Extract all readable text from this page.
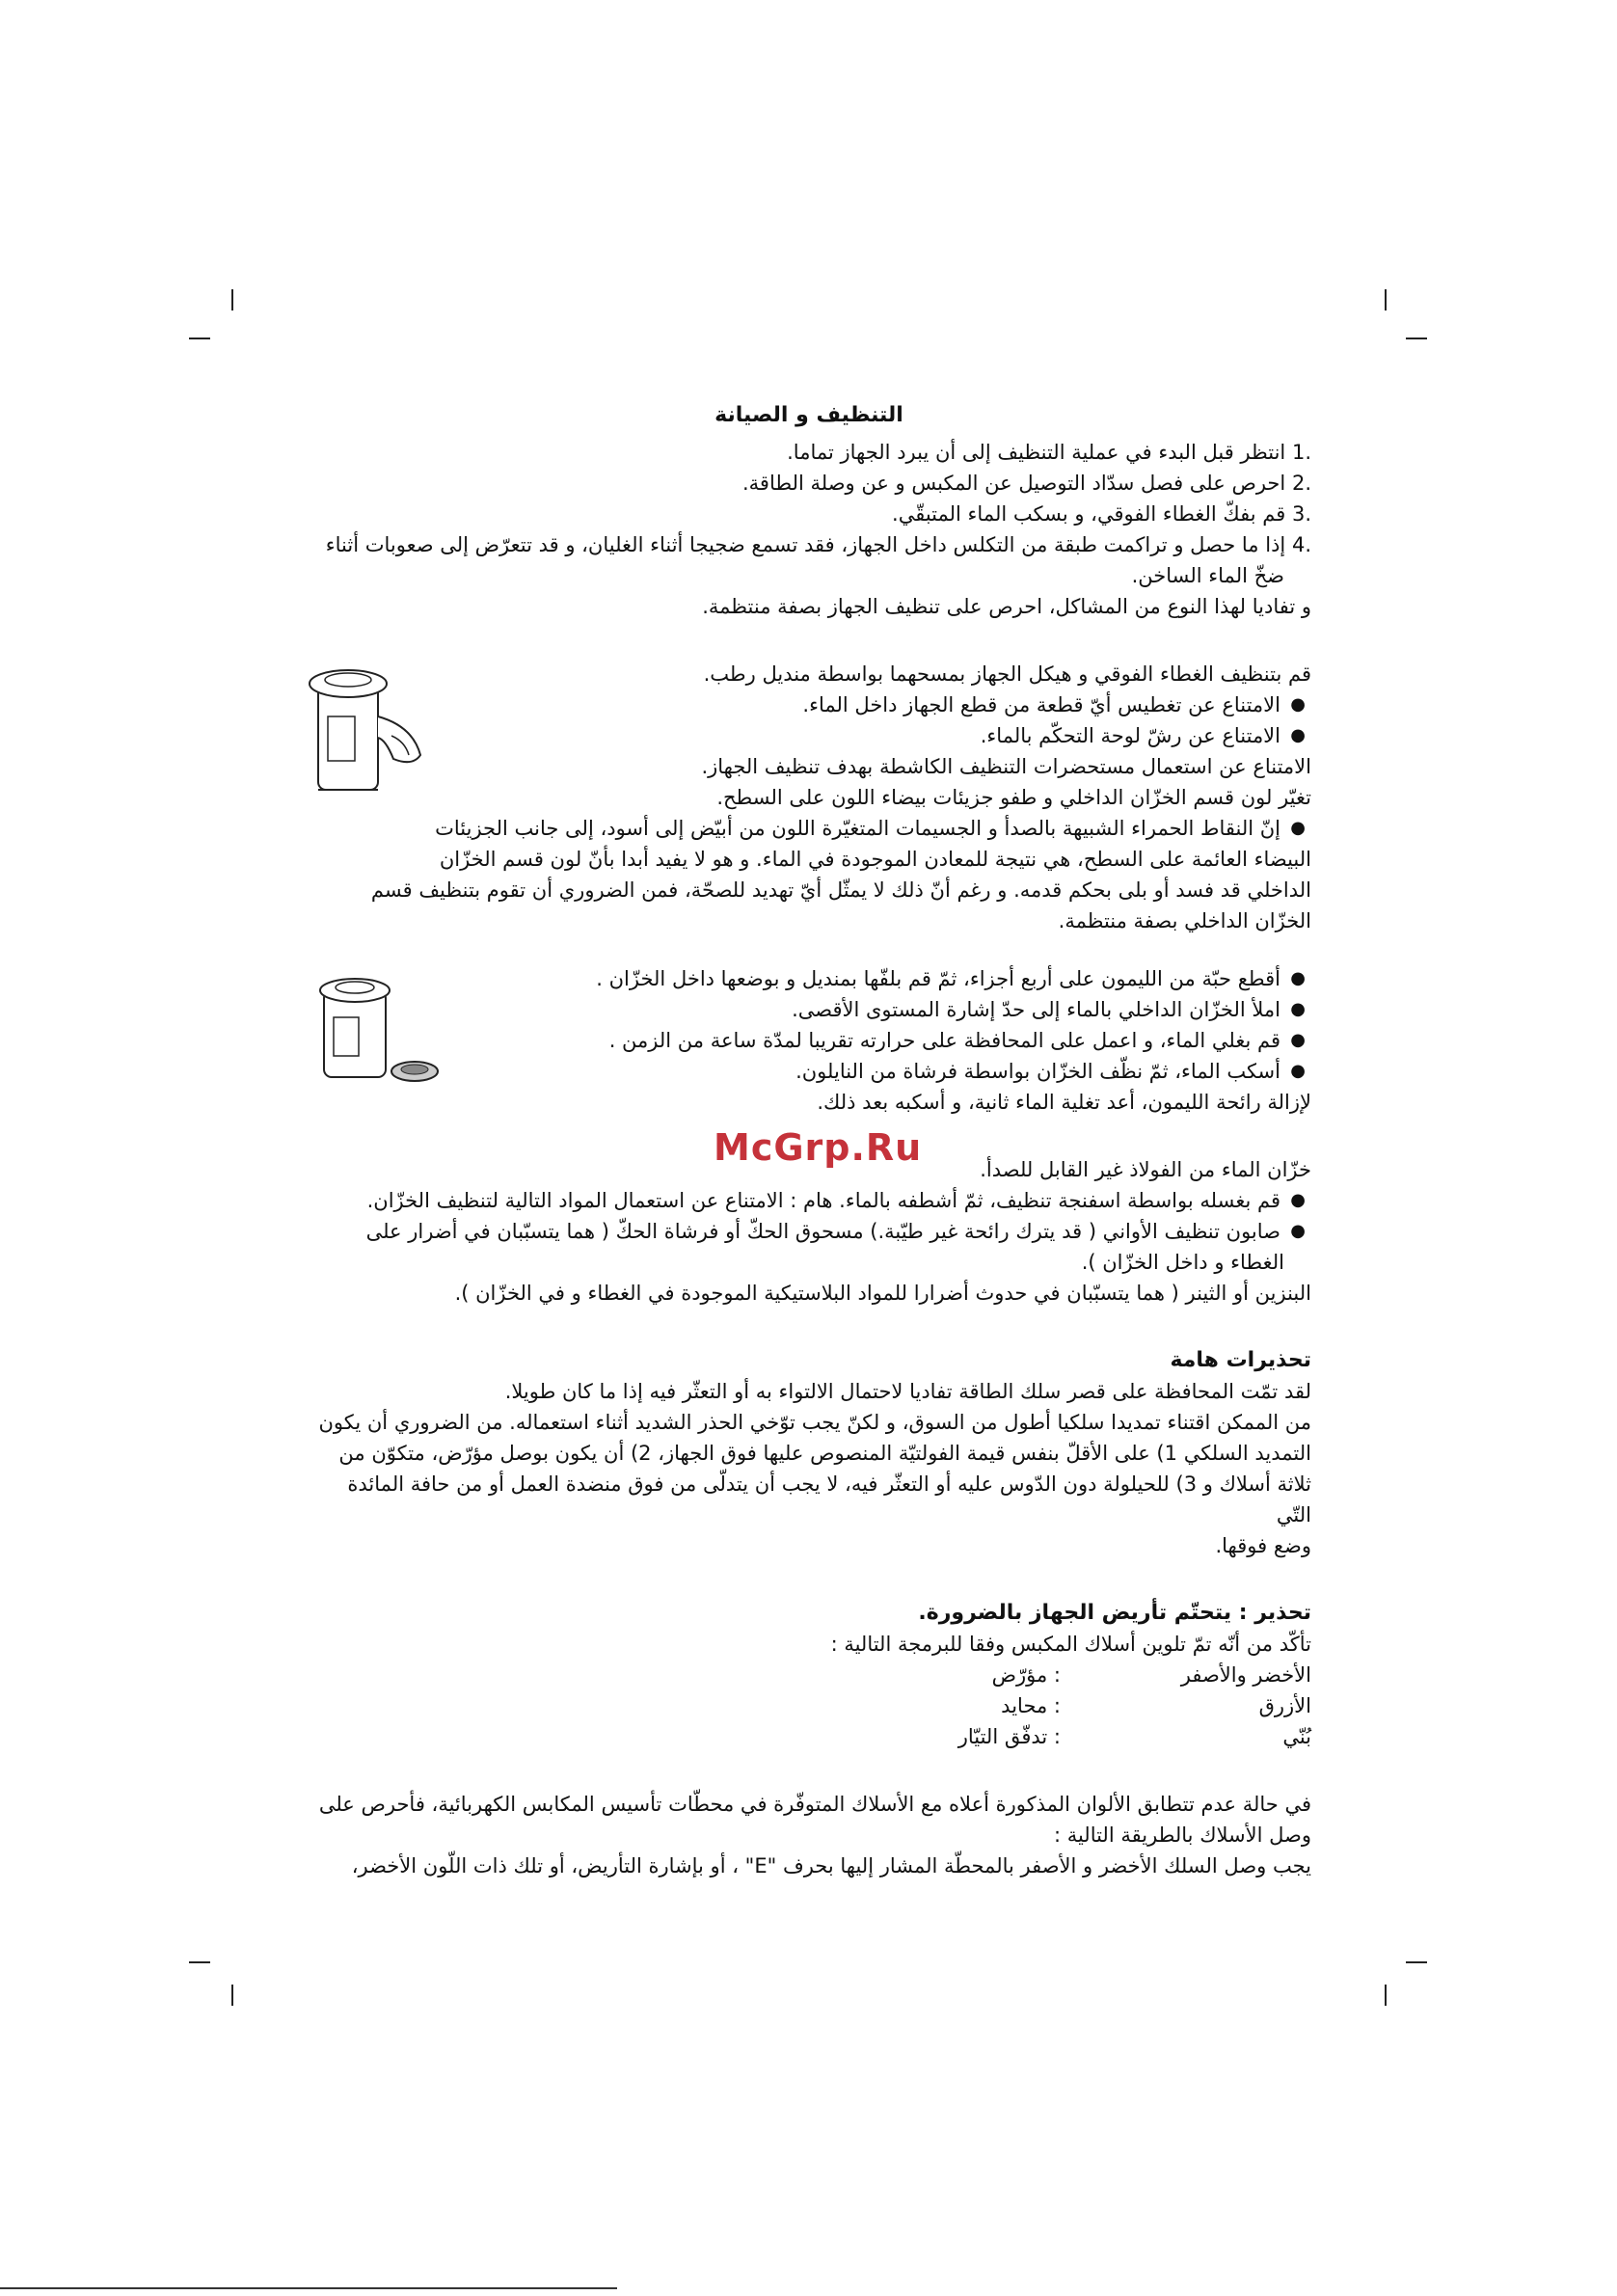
التنظيف و الصيانة

.1 انتظر قبل البدء في عملية التنظيف إلى أن يبرد الجهاز تماما.

.2 احرص على فصل سدّاد التوصيل عن المكبس و عن وصلة الطاقة.

.3 قم بفكّ الغطاء الفوقي، و بسكب الماء المتبقّي.

.4 إذا ما حصل و تراكمت طبقة من التكلس داخل الجهاز، فقد تسمع ضجيجا أثناء الغليان، و قد تتعرّض إلى صعوبات أثناء

ضخّ الماء الساخن.

و تفاديا لهذا النوع من المشاكل، احرص على تنظيف الجهاز بصفة منتظمة.

قم بتنظيف الغطاء الفوقي و هيكل الجهاز بمسحهما بواسطة منديل رطب.

●
الامتناع عن تغطيس أيّ قطعة من قطع الجهاز داخل الماء.

●
الامتناع عن رشّ لوحة التحكّم بالماء.

الامتناع عن استعمال مستحضرات التنظيف الكاشطة بهدف تنظيف الجهاز.

تغيّر لون قسم الخزّان الداخلي و طفو جزيئات بيضاء اللون على السطح.

●
إنّ النقاط الحمراء الشبيهة بالصدأ و الجسيمات المتغيّرة اللون من أبيّض إلى أسود، إلى جانب الجزيئات

البيضاء العائمة على السطح، هي نتيجة للمعادن الموجودة في الماء. و هو لا يفيد أبدا بأنّ لون قسم الخزّان

الداخلي قد فسد أو بلى بحكم قدمه. و رغم أنّ ذلك لا يمثّل أيّ تهديد للصحّة، فمن الضروري أن تقوم بتنظيف قسم

الخزّان الداخلي بصفة منتظمة.

●
أقطع حبّة من الليمون على أربع أجزاء، ثمّ قم بلفّها بمنديل و بوضعها داخل الخزّان .

●
املأ الخزّان الداخلي بالماء إلى حدّ إشارة المستوى الأقصى.

●
قم بغلي الماء، و اعمل على المحافظة على حرارته تقريبا لمدّة ساعة من الزمن .

●
أسكب الماء، ثمّ نظّف الخزّان بواسطة فرشاة من النايلون.

لإزالة رائحة الليمون، أعد تغلية الماء ثانية، و أسكبه بعد ذلك.

خزّان الماء من الفولاذ غير القابل للصدأ.

●
قم بغسله بواسطة اسفنجة تنظيف، ثمّ أشطفه بالماء. هام : الامتناع عن استعمال المواد التالية لتنظيف الخزّان.

●
صابون تنظيف الأواني ( قد يترك رائحة غير طيّبة.) مسحوق الحكّ أو فرشاة الحكّ ( هما يتسبّبان في أضرار على

الغطاء و داخل الخزّان ).

البنزين أو الثينر ( هما يتسبّبان في حدوث أضرارا للمواد البلاستيكية الموجودة في الغطاء و في الخزّان ).

تحذيرات هامة

لقد تمّت المحافظة على قصر سلك الطاقة تفاديا لاحتمال الالتواء به أو التعثّر فيه إذا ما كان طويلا.

من الممكن اقتناء تمديدا سلكيا أطول من السوق، و لكنّ يجب توّخي الحذر الشديد أثناء استعماله. من الضروري أن يكون

التمديد السلكي 1) على الأقلّ بنفس قيمة الفولتيّة المنصوص عليها فوق الجهاز، 2) أن يكون بوصل مؤرّض، متكوّن من

ثلاثة أسلاك و 3) للحيلولة دون الدّوس عليه أو التعثّر فيه، لا يجب أن يتدلّى من فوق منضدة العمل أو من حافة المائدة التّي

وضع فوقها.

تحذير : يتحتّم تأريض الجهاز بالضرورة.

تأكّد من أنّه تمّ تلوين أسلاك المكبس وفقا للبرمجة التالية :

الأخضر والأصفر
: مؤرّض
الأزرق
: محايد
بُنّي
: تدفّق التيّار

في حالة عدم تتطابق الألوان المذكورة أعلاه مع الأسلاك المتوفّرة في محطّات تأسيس المكابس الكهربائية، فأحرص على

وصل الأسلاك بالطريقة التالية :

يجب وصل السلك الأخضر و الأصفر بالمحطّة المشار إليها بحرف "E" ، أو بإشارة التأريض، أو تلك ذات اللّون الأخضر،

McGrp.Ru
